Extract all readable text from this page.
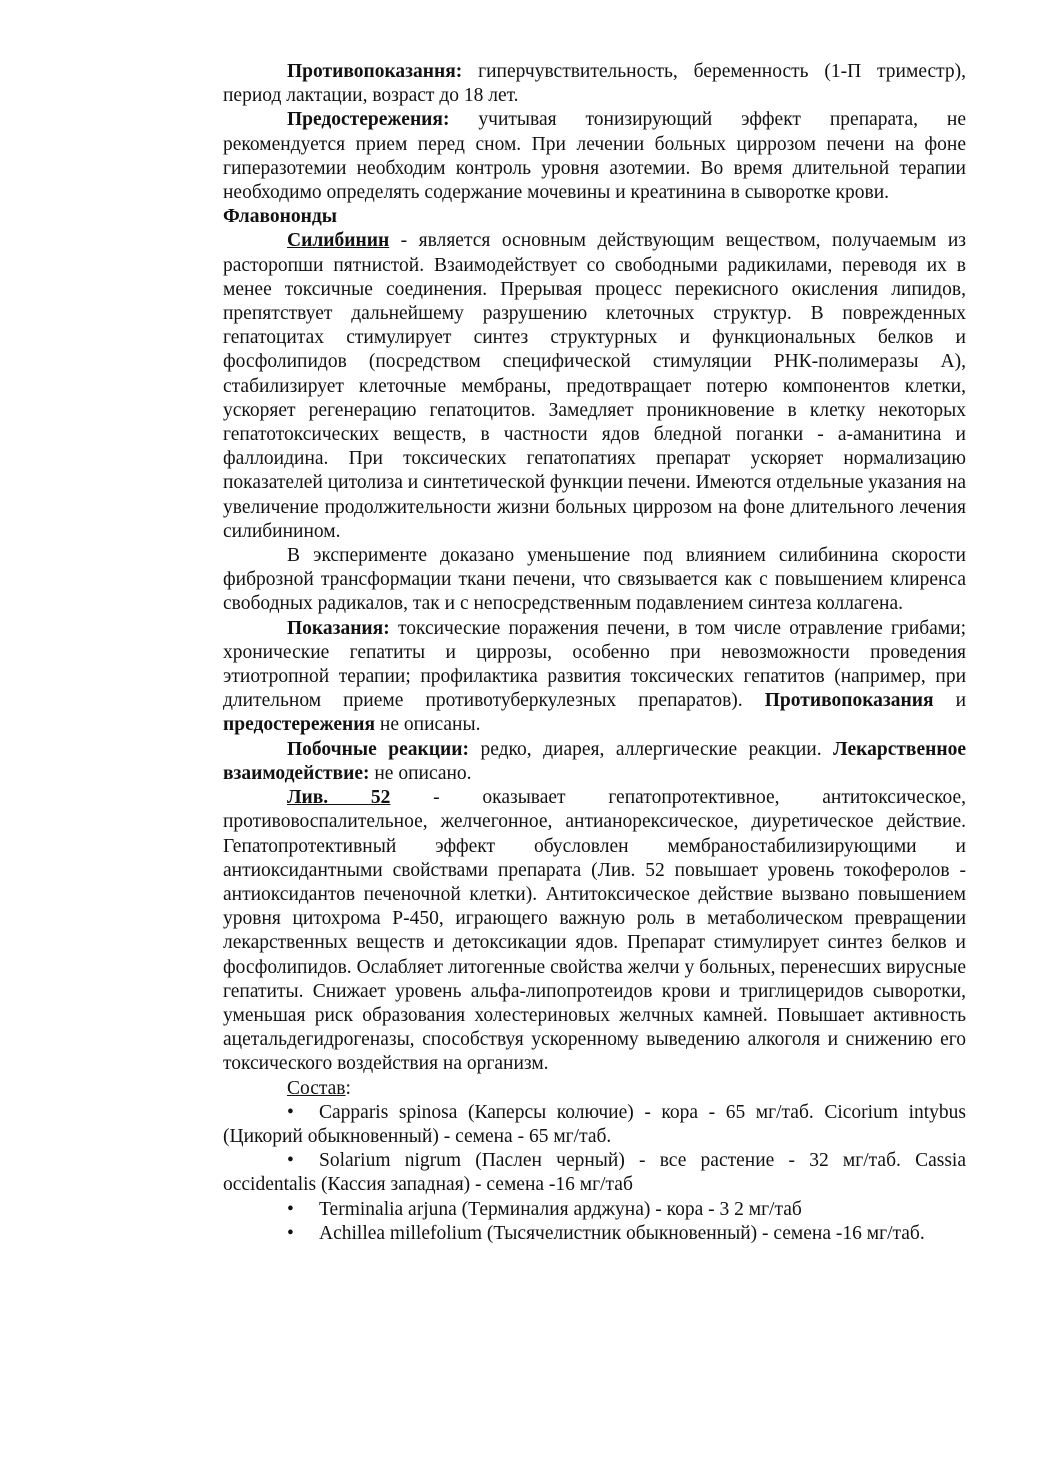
Противопоказання: гиперчувствительность, беременность (1-П триместр), период лактации, возраст до 18 лет.

Предостережения: учитывая тонизирующий эффект препарата, не рекомендуется прием перед сном. При лечении больных циррозом печени на фоне гиперазотемии необходим контроль уровня азотемии. Во время длительной терапии необходимо определять содержание мочевины и креатинина в сыворотке крови.

Флавононды

Силибинин - является основным действующим веществом, получаемым из расторопши пятнистой. Взаимодействует со свободными радикилами, переводя их в менее токсичные соединения. Прерывая процесс перекисного окисления липидов, препятствует дальнейшему разрушению клеточных структур. В поврежденных гепатоцитах стимулирует синтез структурных и функциональных белков и фосфолипидов (посредством специфической стимуляции РНК-полимеразы А), стабилизирует клеточные мембраны, предотвращает потерю компонентов клетки, ускоряет регенерацию гепатоцитов. Замедляет проникновение в клетку некоторых гепатотоксических веществ, в частности ядов бледной поганки - а-аманитина и фаллоидина. При токсических гепатопатиях препарат ускоряет нормализацию показателей цитолиза и синтетической функции печени. Имеются отдельные указания на увеличение продолжительности жизни больных циррозом на фоне длительного лечения силибинином.

В эксперименте доказано уменьшение под влиянием силибинина скорости фиброзной трансформации ткани печени, что связывается как с повышением клиренса свободных радикалов, так и с непосредственным подавлением синтеза коллагена.

Показания: токсические поражения печени, в том числе отравление грибами; хронические гепатиты и циррозы, особенно при невозможности проведения этиотропной терапии; профилактика развития токсических гепатитов (например, при длительном приеме противотуберкулезных препаратов). Противопоказания и предостережения не описаны.

Побочные реакции: редко, диарея, аллергические реакции. Лекарственное взаимодействие: не описано.

Лив. 52 - оказывает гепатопротективное, антитоксическое, противовоспалительное, желчегонное, антианорексическое, диуретическое действие. Гепатопротективный эффект обусловлен мембраностабилизирующими и антиоксидантными свойствами препарата (Лив. 52 повышает уровень токоферолов - антиоксидантов печеночной клетки). Антитоксическое действие вызвано повышением уровня цитохрома Р-450, играющего важную роль в метаболическом превращении лекарственных веществ и детоксикации ядов. Препарат стимулирует синтез белков и фосфолипидов. Ослабляет литогенные свойства желчи у больных, перенесших вирусные гепатиты. Снижает уровень альфа-липопротеидов крови и триглицеридов сыворотки, уменьшая риск образования холестериновых желчных камней. Повышает активность ацетальдегидрогеназы, способствуя ускоренному выведению алкоголя и снижению его токсического воздействия на организм.

Состав:

• Capparis spinosa (Каперсы колючие) - кора - 65 мг/таб. Cicorium intybus (Цикорий обыкновенный) - семена - 65 мг/таб.

• Solarium nigrum (Паслен черный) - все растение - 32 мг/таб. Cassia occidentalis (Кассия западная) - семена -16 мг/таб

• Terminalia arjuna (Терминалия арджуна) - кора - 3 2 мг/таб

• Achillea millefolium (Тысячелистник обыкновенный) - семена -16 мг/таб.
